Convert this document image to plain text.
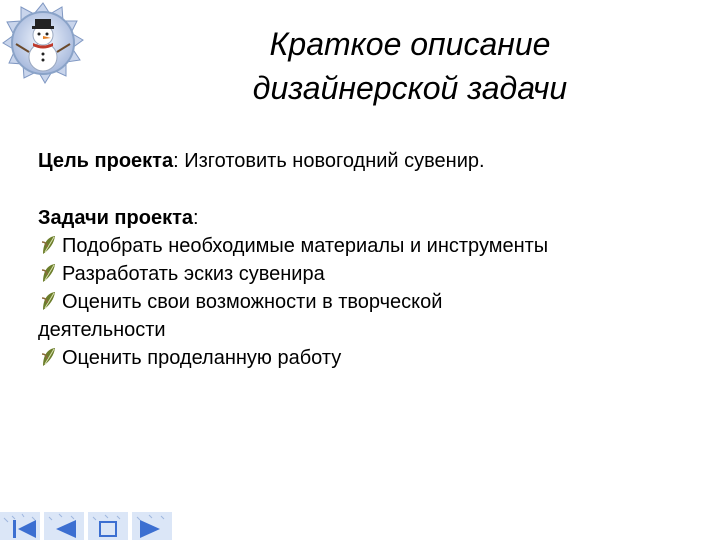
Краткое описание
дизайнерской задачи
Цель проекта: Изготовить новогодний сувенир.
Задачи проекта:
Подобрать необходимые материалы и инструменты
Разработать эскиз сувенира
Оценить свои возможности в творческой
деятельности
Оценить проделанную работу
